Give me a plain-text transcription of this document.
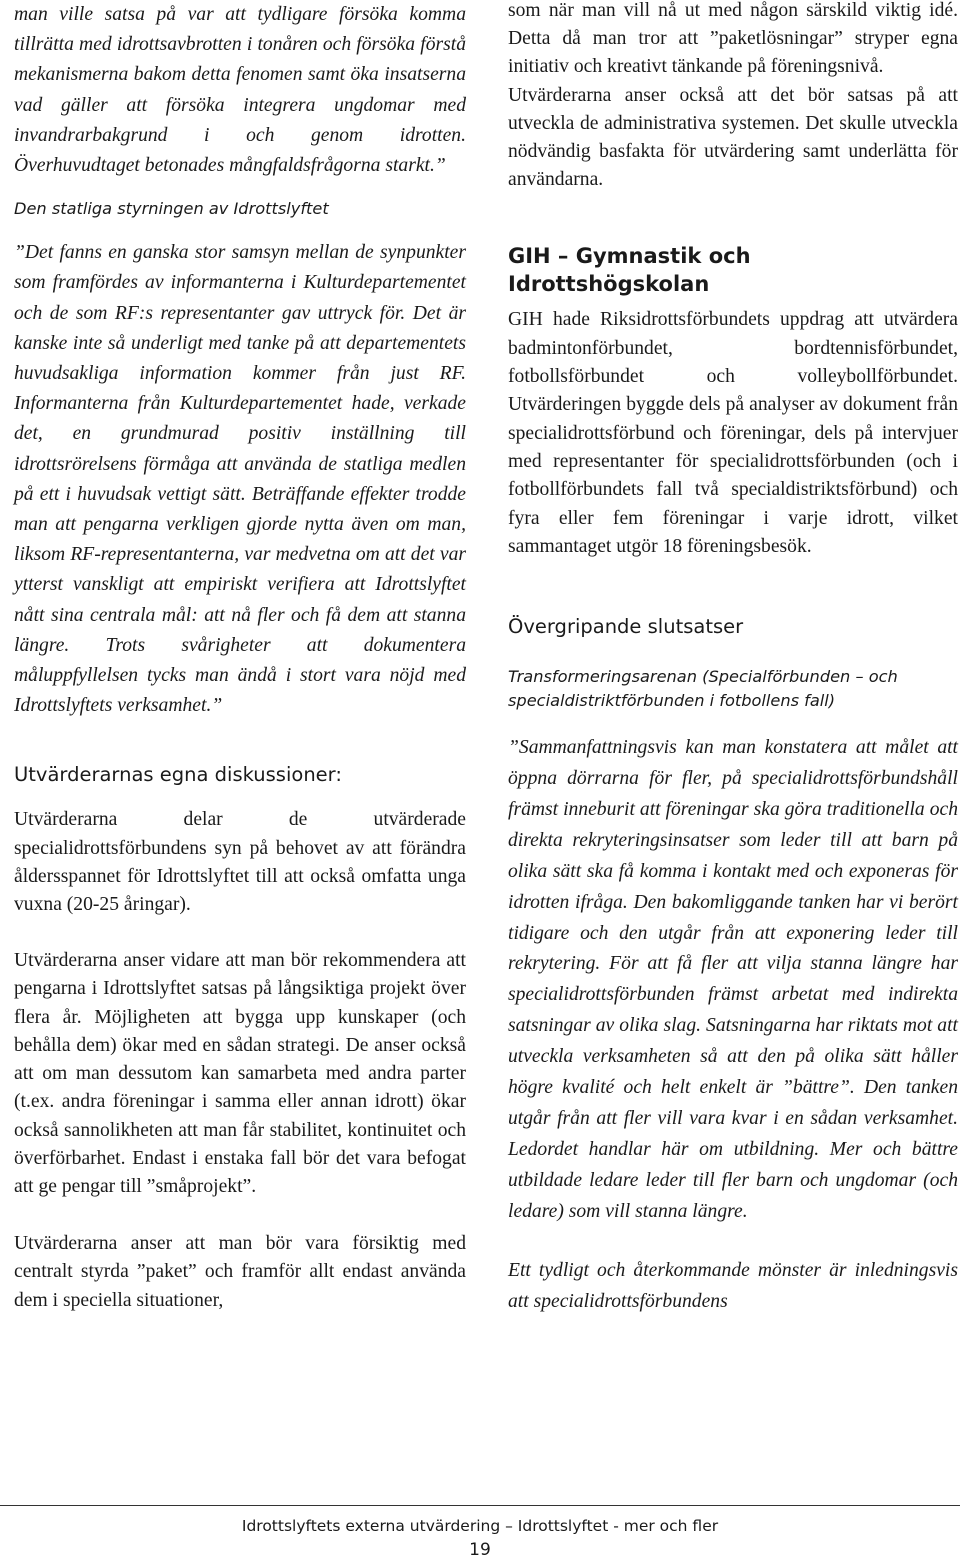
man ville satsa på var att tydligare försöka komma tillrätta med idrottsavbrotten i tonåren och försöka förstå mekanismerna bakom detta fenomen samt öka insatserna vad gäller att försöka integrera ungdomar med invandrarbakgrund i och genom idrotten. Överhuvudtaget betonades mångfaldsfrågorna starkt.”

Den statliga styrningen av Idrottslyftet

”Det fanns en ganska stor samsyn mellan de synpunkter som framfördes av informanterna i Kulturdepartementet och de som RF:s representanter gav uttryck för. Det är kanske inte så underligt med tanke på att departementets huvudsakliga information kommer från just RF. Informanterna från Kulturdepartementet hade, verkade det, en grundmurad positiv inställning till idrottsrörelsens förmåga att använda de statliga medlen på ett i huvudsak vettigt sätt. Beträffande effekter trodde man att pengarna verkligen gjorde nytta även om man, liksom RF-representanterna, var medvetna om att det var ytterst vanskligt att empiriskt verifiera att Idrottslyftet nått sina centrala mål: att nå fler och få dem att stanna längre. Trots svårigheter att dokumentera måluppfyllelsen tycks man ändå i stort vara nöjd med Idrottslyftets verksamhet.”

Utvärderarnas egna diskussioner:

Utvärderarna delar de utvärderade specialidrottsförbundens syn på behovet av att förändra åldersspannet för Idrottslyftet till att också omfatta unga vuxna (20-25 åringar).

Utvärderarna anser vidare att man bör rekommendera att pengarna i Idrottslyftet satsas på långsiktiga projekt över flera år. Möjligheten att bygga upp kunskaper (och behålla dem) ökar med en sådan strategi. De anser också att om man dessutom kan samarbeta med andra parter (t.ex. andra föreningar i samma eller annan idrott) ökar också sannolikheten att man får stabilitet, kontinuitet och överförbarhet. Endast i enstaka fall bör det vara befogat att ge pengar till ”småprojekt”.

Utvärderarna anser att man bör vara försiktig med centralt styrda ”paket” och framför allt endast använda dem i speciella situationer,

som när man vill nå ut med någon särskild viktig idé. Detta då man tror att ”paketlösningar” stryper egna initiativ och kreativt tänkande på föreningsnivå.

Utvärderarna anser också att det bör satsas på att utveckla de administrativa systemen. Det skulle utveckla nödvändig basfakta för utvärdering samt underlätta för användarna.

GIH – Gymnastik och Idrottshögskolan

GIH hade Riksidrottsförbundets uppdrag att utvärdera badmintonförbundet, bordtennisförbundet, fotbollsförbundet och volleybollförbundet. Utvärderingen byggde dels på analyser av dokument från specialidrottsförbund och föreningar, dels på intervjuer med representanter för specialidrottsförbunden (och i fotbollförbundets fall två specialdistriktsförbund) och fyra eller fem föreningar i varje idrott, vilket sammantaget utgör 18 föreningsbesök.

Övergripande slutsatser

Transformeringsarenan (Specialförbunden – och specialdistriktförbunden i fotbollens fall)

”Sammanfattningsvis kan man konstatera att målet att öppna dörrarna för fler, på specialidrottsförbundshåll främst inneburit att föreningar ska göra traditionella och direkta rekryteringsinsatser som leder till att barn på olika sätt ska få komma i kontakt med och exponeras för idrotten ifråga. Den bakomliggande tanken har vi berört tidigare och den utgår från att exponering leder till rekrytering. För att få fler att vilja stanna längre har specialidrottsförbunden främst arbetat med indirekta satsningar av olika slag. Satsningarna har riktats mot att utveckla verksamheten så att den på olika sätt håller högre kvalité och helt enkelt är ”bättre”. Den tanken utgår från att fler vill vara kvar i en sådan verksamhet. Ledordet handlar här om utbildning. Mer och bättre utbildade ledare leder till fler barn och ungdomar (och ledare) som vill stanna längre.

Ett tydligt och återkommande mönster är inledningsvis att specialidrottsförbundens

Idrottslyftets externa utvärdering – Idrottslyftet - mer och fler
19
